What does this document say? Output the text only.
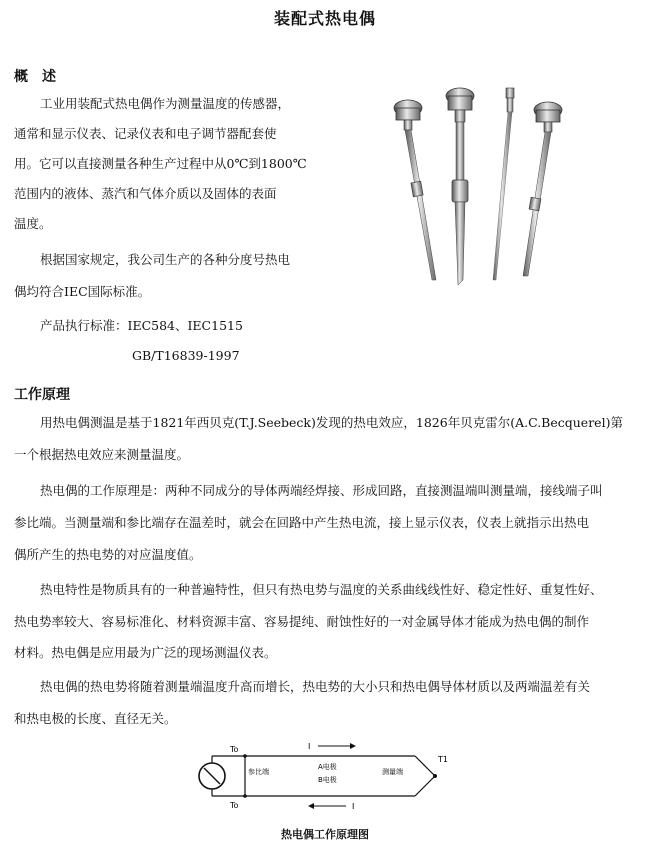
装配式热电偶
概　述
工业用装配式热电偶作为测量温度的传感器，
通常和显示仪表、记录仪表和电子调节器配套使
用。它可以直接测量各种生产过程中从0℃到1800℃
范围内的液体、蒸汽和气体介质以及固体的表面
温度。
根据国家规定，我公司生产的各种分度号热电
偶均符合IEC国际标准。
产品执行标准：IEC584、IEC1515
GB/T16839-1997
工作原理
用热电偶测温是基于1821年西贝克(T.J.Seebeck)发现的热电效应，1826年贝克雷尔(A.C.Becquerel)第
一个根据热电效应来测量温度。
热电偶的工作原理是：两种不同成分的导体两端经焊接、形成回路，直接测温端叫测量端，接线端子叫
参比端。当测量端和参比端存在温差时，就会在回路中产生热电流，接上显示仪表，仪表上就指示出热电
偶所产生的热电势的对应温度值。
热电特性是物质具有的一种普遍特性，但只有热电势与温度的关系曲线线性好、稳定性好、重复性好、
热电势率较大、容易标准化、材料资源丰富、容易提纯、耐蚀性好的一对金属导体才能成为热电偶的制作
材料。热电偶是应用最为广泛的现场测温仪表。
热电偶的热电势将随着测量端温度升高而增长，热电势的大小只和热电偶导体材质以及两端温差有关
和热电极的长度、直径无关。
To
To
T1
参比端	测量端
A电极
B电极
I
I
热电偶工作原理图
